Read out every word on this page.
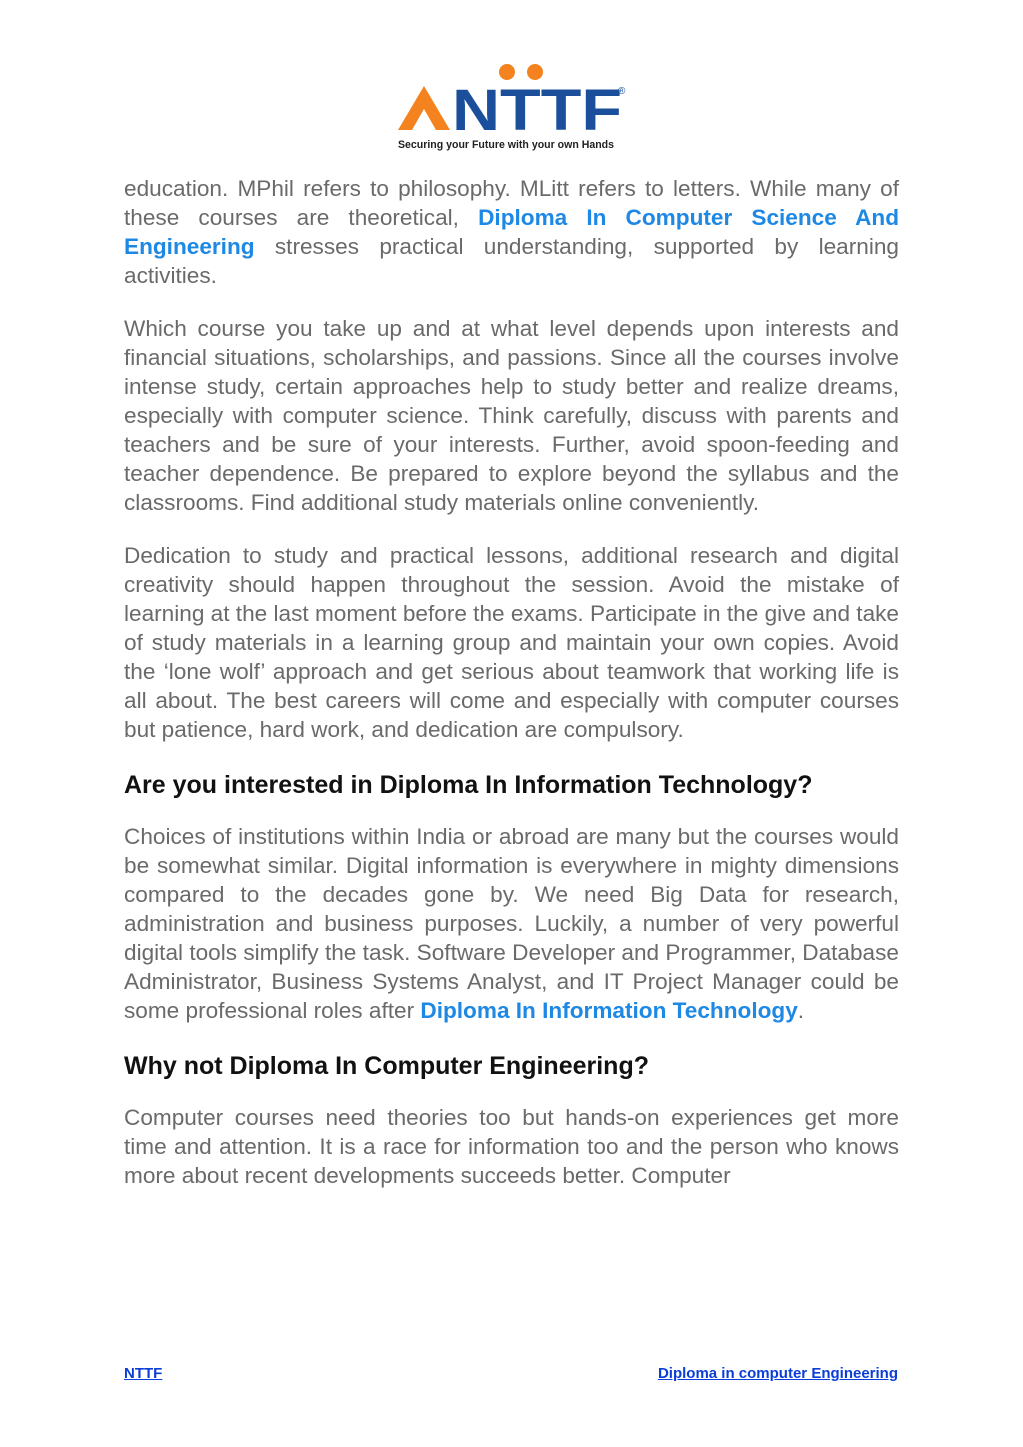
NTTF
®
Securing your Future with your own Hands

education. MPhil refers to philosophy. MLitt refers to letters. While many of these courses are theoretical, Diploma In Computer Science And Engineering stresses practical understanding, supported by learning activities.

Which course you take up and at what level depends upon interests and financial situations, scholarships, and passions. Since all the courses involve intense study, certain approaches help to study better and realize dreams, especially with computer science. Think carefully, discuss with parents and teachers and be sure of your interests. Further, avoid spoon-feeding and teacher dependence. Be prepared to explore beyond the syllabus and the classrooms. Find additional study materials online conveniently.

Dedication to study and practical lessons, additional research and digital creativity should happen throughout the session. Avoid the mistake of learning at the last moment before the exams. Participate in the give and take of study materials in a learning group and maintain your own copies. Avoid the ‘lone wolf’ approach and get serious about teamwork that working life is all about. The best careers will come and especially with computer courses but patience, hard work, and dedication are compulsory.

Are you interested in Diploma In Information Technology?

Choices of institutions within India or abroad are many but the courses would be somewhat similar. Digital information is everywhere in mighty dimensions compared to the decades gone by. We need Big Data for research, administration and business purposes. Luckily, a number of very powerful digital tools simplify the task. Software Developer and Programmer, Database Administrator, Business Systems Analyst, and IT Project Manager could be some professional roles after Diploma In Information Technology.

Why not Diploma In Computer Engineering?

Computer courses need theories too but hands-on experiences get more time and attention. It is a race for information too and the person who knows more about recent developments succeeds better. Computer

NTTF	Diploma in computer Engineering
